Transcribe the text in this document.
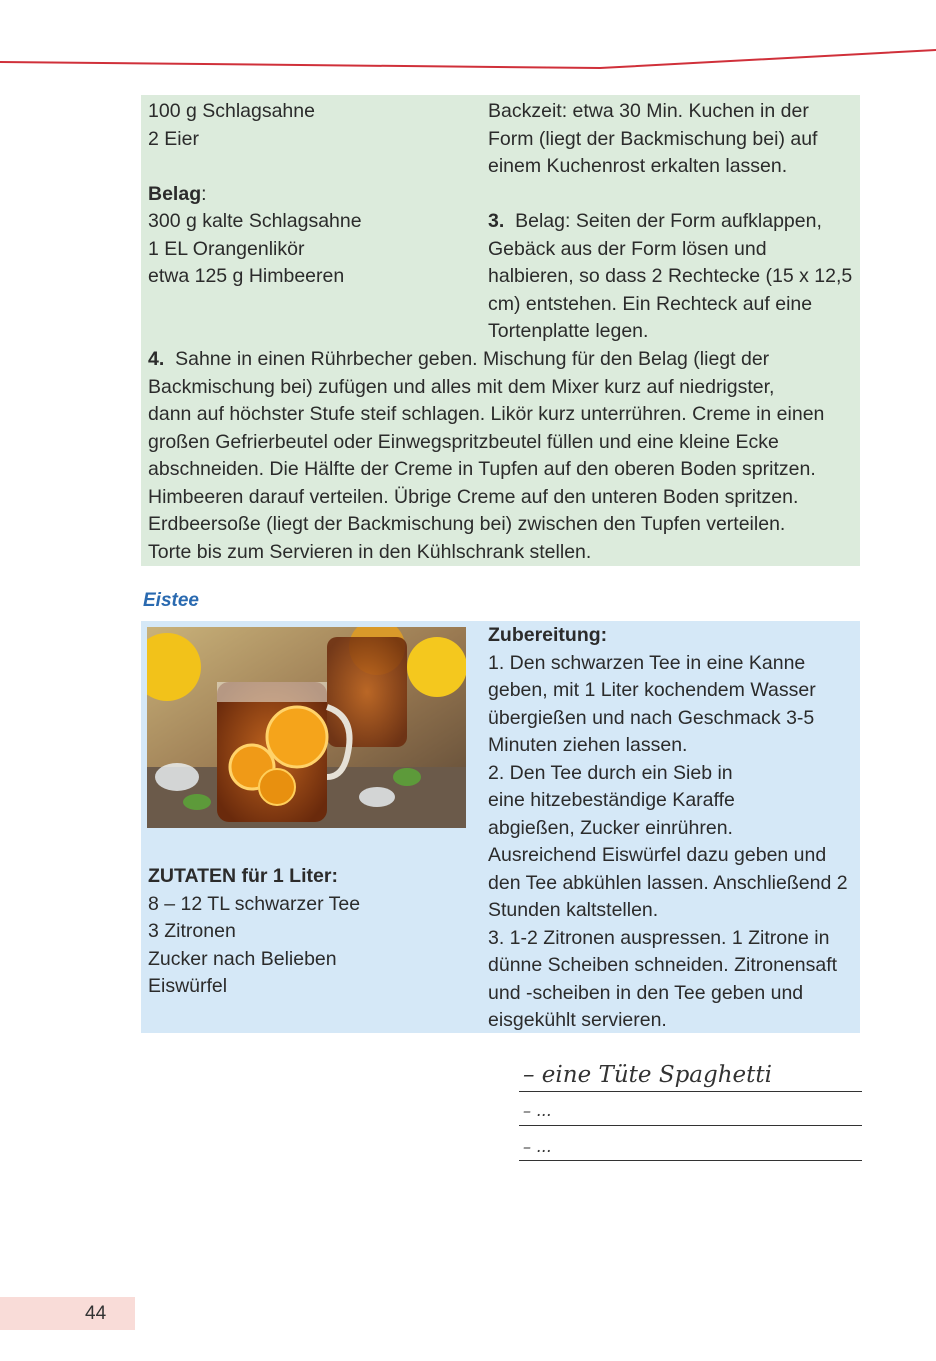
100 g Schlagsahne
2 Eier
Belag:
300 g kalte Schlagsahne
1 EL Orangenlikör
etwa 125 g Himbeeren
Backzeit: etwa 30 Min. Kuchen in der
Form (liegt der Backmischung bei) auf
einem Kuchenrost erkalten lassen.
3. Belag: Seiten der Form aufklappen,
Gebäck aus der Form lösen und
halbieren, so dass 2 Rechtecke (15 x 12,5
cm) entstehen. Ein Rechteck auf eine
Tortenplatte legen.
4. Sahne in einen Rührbecher geben. Mischung für den Belag (liegt der
Backmischung bei) zufügen und alles mit dem Mixer kurz auf niedrigster,
dann auf höchster Stufe steif schlagen. Likör kurz unterrühren. Creme in einen
großen Gefrierbeutel oder Einwegspritzbeutel füllen und eine kleine Ecke
abschneiden. Die Hälfte der Creme in Tupfen auf den oberen Boden spritzen.
Himbeeren darauf verteilen. Übrige Creme auf den unteren Boden spritzen.
Erdbeersoße (liegt der Backmischung bei) zwischen den Tupfen verteilen.
Torte bis zum Servieren in den Kühlschrank stellen.
Eistee
ZUTATEN für 1 Liter:
8 – 12 TL schwarzer Tee
3 Zitronen
Zucker nach Belieben
Eiswürfel
Zubereitung:
1. Den schwarzen Tee in eine Kanne
geben, mit 1 Liter kochendem Wasser
übergießen und nach Geschmack 3-5
Minuten ziehen lassen.
2. Den Tee durch ein Sieb in
eine hitzebeständige Karaffe
abgießen, Zucker einrühren.
Ausreichend Eiswürfel dazu geben und
den Tee abkühlen lassen. Anschließend 2
Stunden kaltstellen.
3. 1-2 Zitronen auspressen. 1 Zitrone in
dünne Scheiben schneiden. Zitronensaft
und -scheiben in den Tee geben und
eisgekühlt servieren.
– eine Tüte Spaghetti
– ...
– ...
44
